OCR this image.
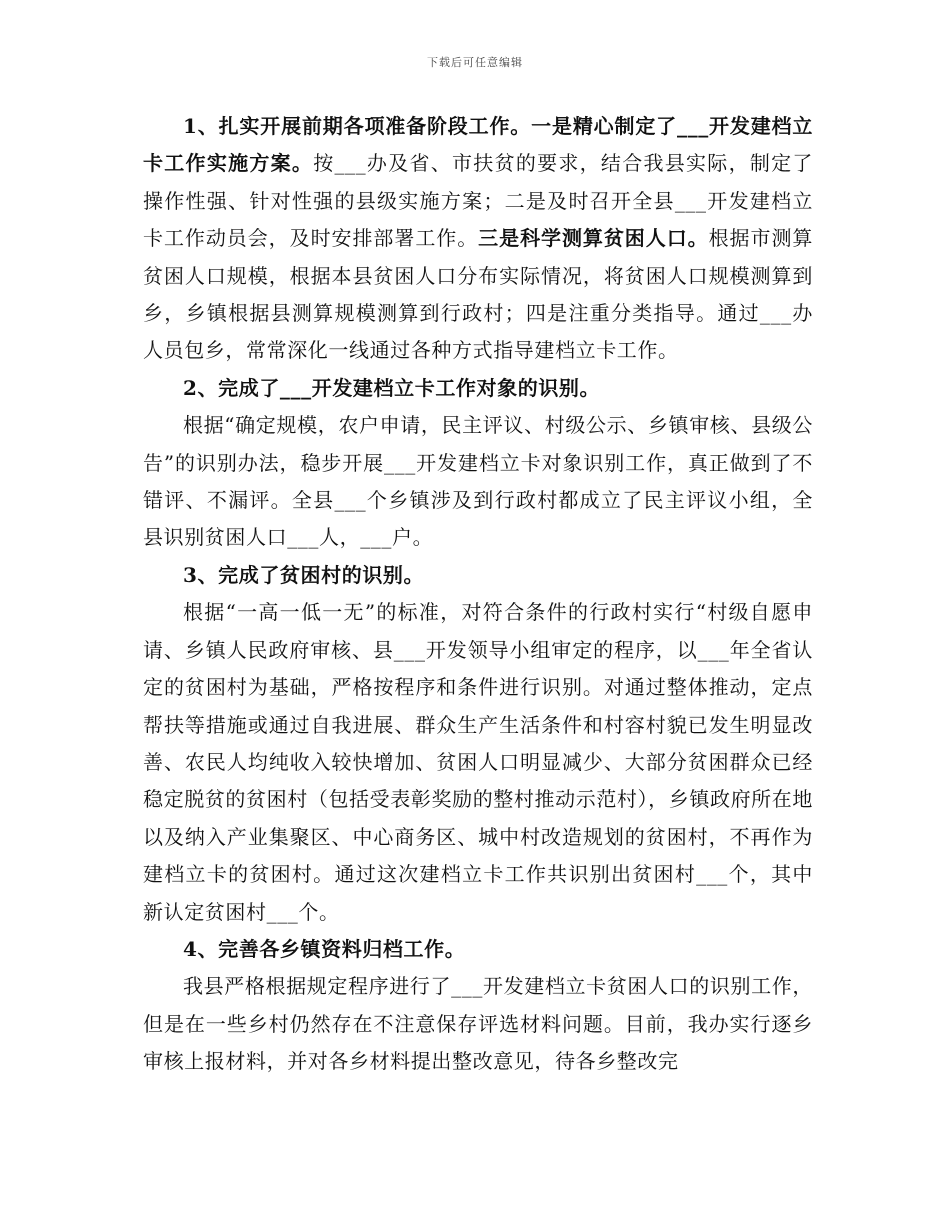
下载后可任意编辑

1、扎实开展前期各项准备阶段工作。一是精心制定了___开发建档立卡工作实施方案。按___办及省、市扶贫的要求，结合我县实际，制定了操作性强、针对性强的县级实施方案；二是及时召开全县___开发建档立卡工作动员会，及时安排部署工作。三是科学测算贫困人口。根据市测算贫困人口规模，根据本县贫困人口分布实际情况，将贫困人口规模测算到乡，乡镇根据县测算规模测算到行政村；四是注重分类指导。通过___办人员包乡，常常深化一线通过各种方式指导建档立卡工作。

2、完成了___开发建档立卡工作对象的识别。

根据“确定规模，农户申请，民主评议、村级公示、乡镇审核、县级公告”的识别办法，稳步开展___开发建档立卡对象识别工作，真正做到了不错评、不漏评。全县___个乡镇涉及到行政村都成立了民主评议小组，全县识别贫困人口___人，___户。

3、完成了贫困村的识别。

根据“一高一低一无”的标准，对符合条件的行政村实行“村级自愿申请、乡镇人民政府审核、县___开发领导小组审定的程序，以___年全省认定的贫困村为基础，严格按程序和条件进行识别。对通过整体推动，定点帮扶等措施或通过自我进展、群众生产生活条件和村容村貌已发生明显改善、农民人均纯收入较快增加、贫困人口明显减少、大部分贫困群众已经稳定脱贫的贫困村（包括受表彰奖励的整村推动示范村），乡镇政府所在地以及纳入产业集聚区、中心商务区、城中村改造规划的贫困村，不再作为建档立卡的贫困村。通过这次建档立卡工作共识别出贫困村___个，其中新认定贫困村___个。

4、完善各乡镇资料归档工作。

我县严格根据规定程序进行了___开发建档立卡贫困人口的识别工作，但是在一些乡村仍然存在不注意保存评选材料问题。目前，我办实行逐乡审核上报材料，并对各乡材料提出整改意见，待各乡整改完
